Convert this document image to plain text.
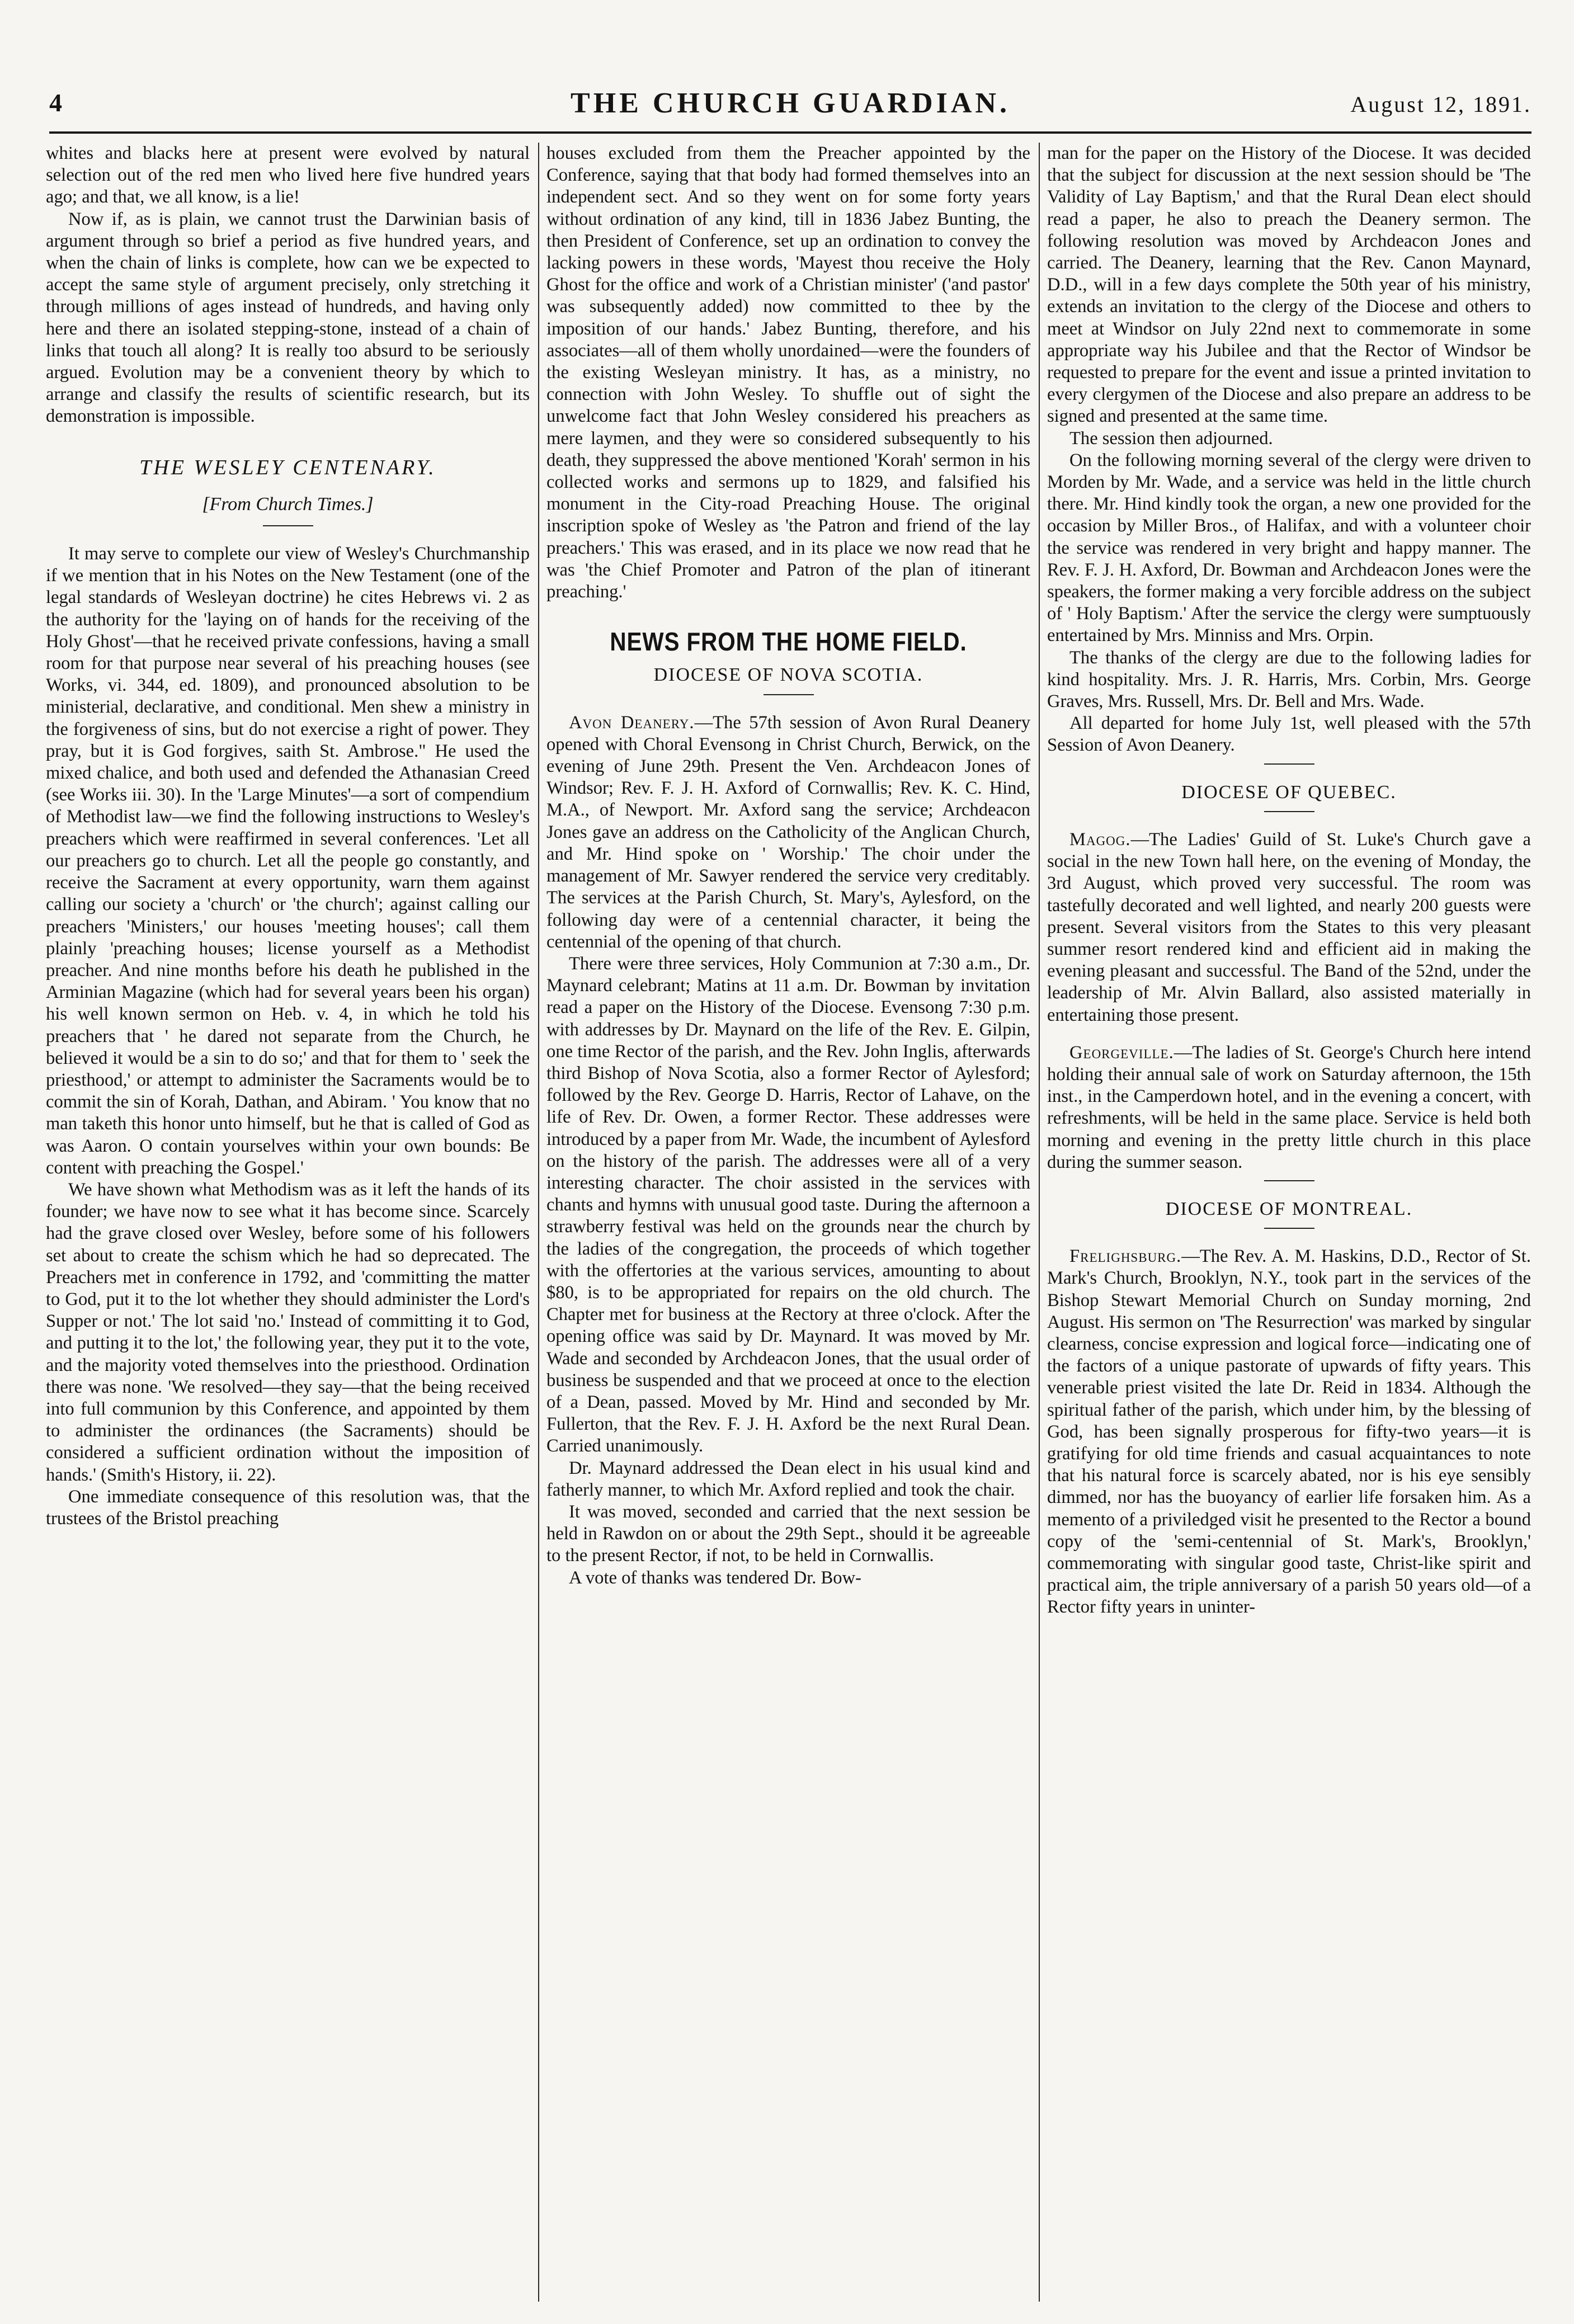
4	THE CHURCH GUARDIAN.	August 12, 1891.

whites and blacks here at present were evolved by natural selection out of the red men who lived here five hundred years ago; and that, we all know, is a lie!

Now if, as is plain, we cannot trust the Darwinian basis of argument through so brief a period as five hundred years, and when the chain of links is complete, how can we be expected to accept the same style of argument precisely, only stretching it through millions of ages instead of hundreds, and having only here and there an isolated stepping-stone, instead of a chain of links that touch all along? It is really too absurd to be seriously argued. Evolution may be a convenient theory by which to arrange and classify the results of scientific research, but its demonstration is impossible.

THE WESLEY CENTENARY.
[From Church Times.]

It may serve to complete our view of Wesley's Churchmanship if we mention that in his Notes on the New Testament (one of the legal standards of Wesleyan doctrine) he cites Hebrews vi. 2 as the authority for the 'laying on of hands for the receiving of the Holy Ghost'—that he received private confessions, having a small room for that purpose near several of his preaching houses (see Works, vi. 344, ed. 1809), and pronounced absolution to be ministerial, declarative, and conditional. Men shew a ministry in the forgiveness of sins, but do not exercise a right of power. They pray, but it is God forgives, saith St. Ambrose." He used the mixed chalice, and both used and defended the Athanasian Creed (see Works iii. 30). In the 'Large Minutes'—a sort of compendium of Methodist law—we find the following instructions to Wesley's preachers which were reaffirmed in several conferences. 'Let all our preachers go to church. Let all the people go constantly, and receive the Sacrament at every opportunity, warn them against calling our society a 'church' or 'the church'; against calling our preachers 'Ministers,' our houses 'meeting houses'; call them plainly 'preaching houses; license yourself as a Methodist preacher. And nine months before his death he published in the Arminian Magazine (which had for several years been his organ) his well known sermon on Heb. v. 4, in which he told his preachers that ' he dared not separate from the Church, he believed it would be a sin to do so;' and that for them to ' seek the priesthood,' or attempt to administer the Sacraments would be to commit the sin of Korah, Dathan, and Abiram. ' You know that no man taketh this honor unto himself, but he that is called of God as was Aaron. O contain yourselves within your own bounds: Be content with preaching the Gospel.'

We have shown what Methodism was as it left the hands of its founder; we have now to see what it has become since. Scarcely had the grave closed over Wesley, before some of his followers set about to create the schism which he had so deprecated. The Preachers met in conference in 1792, and 'committing the matter to God, put it to the lot whether they should administer the Lord's Supper or not.' The lot said 'no.' Instead of committing it to God, and putting it to the lot,' the following year, they put it to the vote, and the majority voted themselves into the priesthood. Ordination there was none. 'We resolved—they say—that the being received into full communion by this Conference, and appointed by them to administer the ordinances (the Sacraments) should be considered a sufficient ordination without the imposition of hands.' (Smith's History, ii. 22).

One immediate consequence of this resolution was, that the trustees of the Bristol preaching

houses excluded from them the Preacher appointed by the Conference, saying that that body had formed themselves into an independent sect. And so they went on for some forty years without ordination of any kind, till in 1836 Jabez Bunting, the then President of Conference, set up an ordination to convey the lacking powers in these words, 'Mayest thou receive the Holy Ghost for the office and work of a Christian minister' ('and pastor' was subsequently added) now committed to thee by the imposition of our hands.' Jabez Bunting, therefore, and his associates—all of them wholly unordained—were the founders of the existing Wesleyan ministry. It has, as a ministry, no connection with John Wesley. To shuffle out of sight the unwelcome fact that John Wesley considered his preachers as mere laymen, and they were so considered subsequently to his death, they suppressed the above mentioned 'Korah' sermon in his collected works and sermons up to 1829, and falsified his monument in the City-road Preaching House. The original inscription spoke of Wesley as 'the Patron and friend of the lay preachers.' This was erased, and in its place we now read that he was 'the Chief Promoter and Patron of the plan of itinerant preaching.'

NEWS FROM THE HOME FIELD.
DIOCESE OF NOVA SCOTIA.

Avon Deanery.—The 57th session of Avon Rural Deanery opened with Choral Evensong in Christ Church, Berwick, on the evening of June 29th. Present the Ven. Archdeacon Jones of Windsor; Rev. F. J. H. Axford of Cornwallis; Rev. K. C. Hind, M.A., of Newport. Mr. Axford sang the service; Archdeacon Jones gave an address on the Catholicity of the Anglican Church, and Mr. Hind spoke on ' Worship.' The choir under the management of Mr. Sawyer rendered the service very creditably. The services at the Parish Church, St. Mary's, Aylesford, on the following day were of a centennial character, it being the centennial of the opening of that church.

There were three services, Holy Communion at 7:30 a.m., Dr. Maynard celebrant; Matins at 11 a.m. Dr. Bowman by invitation read a paper on the History of the Diocese. Evensong 7:30 p.m. with addresses by Dr. Maynard on the life of the Rev. E. Gilpin, one time Rector of the parish, and the Rev. John Inglis, afterwards third Bishop of Nova Scotia, also a former Rector of Aylesford; followed by the Rev. George D. Harris, Rector of Lahave, on the life of Rev. Dr. Owen, a former Rector. These addresses were introduced by a paper from Mr. Wade, the incumbent of Aylesford on the history of the parish. The addresses were all of a very interesting character. The choir assisted in the services with chants and hymns with unusual good taste. During the afternoon a strawberry festival was held on the grounds near the church by the ladies of the congregation, the proceeds of which together with the offertories at the various services, amounting to about $80, is to be appropriated for repairs on the old church. The Chapter met for business at the Rectory at three o'clock. After the opening office was said by Dr. Maynard. It was moved by Mr. Wade and seconded by Archdeacon Jones, that the usual order of business be suspended and that we proceed at once to the election of a Dean, passed. Moved by Mr. Hind and seconded by Mr. Fullerton, that the Rev. F. J. H. Axford be the next Rural Dean. Carried unanimously.

Dr. Maynard addressed the Dean elect in his usual kind and fatherly manner, to which Mr. Axford replied and took the chair.

It was moved, seconded and carried that the next session be held in Rawdon on or about the 29th Sept., should it be agreeable to the present Rector, if not, to be held in Cornwallis.

A vote of thanks was tendered Dr. Bow-

man for the paper on the History of the Diocese. It was decided that the subject for discussion at the next session should be 'The Validity of Lay Baptism,' and that the Rural Dean elect should read a paper, he also to preach the Deanery sermon. The following resolution was moved by Archdeacon Jones and carried. The Deanery, learning that the Rev. Canon Maynard, D.D., will in a few days complete the 50th year of his ministry, extends an invitation to the clergy of the Diocese and others to meet at Windsor on July 22nd next to commemorate in some appropriate way his Jubilee and that the Rector of Windsor be requested to prepare for the event and issue a printed invitation to every clergymen of the Diocese and also prepare an address to be signed and presented at the same time.

The session then adjourned.

On the following morning several of the clergy were driven to Morden by Mr. Wade, and a service was held in the little church there. Mr. Hind kindly took the organ, a new one provided for the occasion by Miller Bros., of Halifax, and with a volunteer choir the service was rendered in very bright and happy manner. The Rev. F. J. H. Axford, Dr. Bowman and Archdeacon Jones were the speakers, the former making a very forcible address on the subject of ' Holy Baptism.' After the service the clergy were sumptuously entertained by Mrs. Minniss and Mrs. Orpin.

The thanks of the clergy are due to the following ladies for kind hospitality. Mrs. J. R. Harris, Mrs. Corbin, Mrs. George Graves, Mrs. Russell, Mrs. Dr. Bell and Mrs. Wade.

All departed for home July 1st, well pleased with the 57th Session of Avon Deanery.

DIOCESE OF QUEBEC.

Magog.—The Ladies' Guild of St. Luke's Church gave a social in the new Town hall here, on the evening of Monday, the 3rd August, which proved very successful. The room was tastefully decorated and well lighted, and nearly 200 guests were present. Several visitors from the States to this very pleasant summer resort rendered kind and efficient aid in making the evening pleasant and successful. The Band of the 52nd, under the leadership of Mr. Alvin Ballard, also assisted materially in entertaining those present.

Georgeville.—The ladies of St. George's Church here intend holding their annual sale of work on Saturday afternoon, the 15th inst., in the Camperdown hotel, and in the evening a concert, with refreshments, will be held in the same place. Service is held both morning and evening in the pretty little church in this place during the summer season.

DIOCESE OF MONTREAL.

Frelighsburg.—The Rev. A. M. Haskins, D.D., Rector of St. Mark's Church, Brooklyn, N.Y., took part in the services of the Bishop Stewart Memorial Church on Sunday morning, 2nd August. His sermon on 'The Resurrection' was marked by singular clearness, concise expression and logical force—indicating one of the factors of a unique pastorate of upwards of fifty years. This venerable priest visited the late Dr. Reid in 1834. Although the spiritual father of the parish, which under him, by the blessing of God, has been signally prosperous for fifty-two years—it is gratifying for old time friends and casual acquaintances to note that his natural force is scarcely abated, nor is his eye sensibly dimmed, nor has the buoyancy of earlier life forsaken him. As a memento of a priviledged visit he presented to the Rector a bound copy of the 'semi-centennial of St. Mark's, Brooklyn,' commemorating with singular good taste, Christ-like spirit and practical aim, the triple anniversary of a parish 50 years old—of a Rector fifty years in uninter-
